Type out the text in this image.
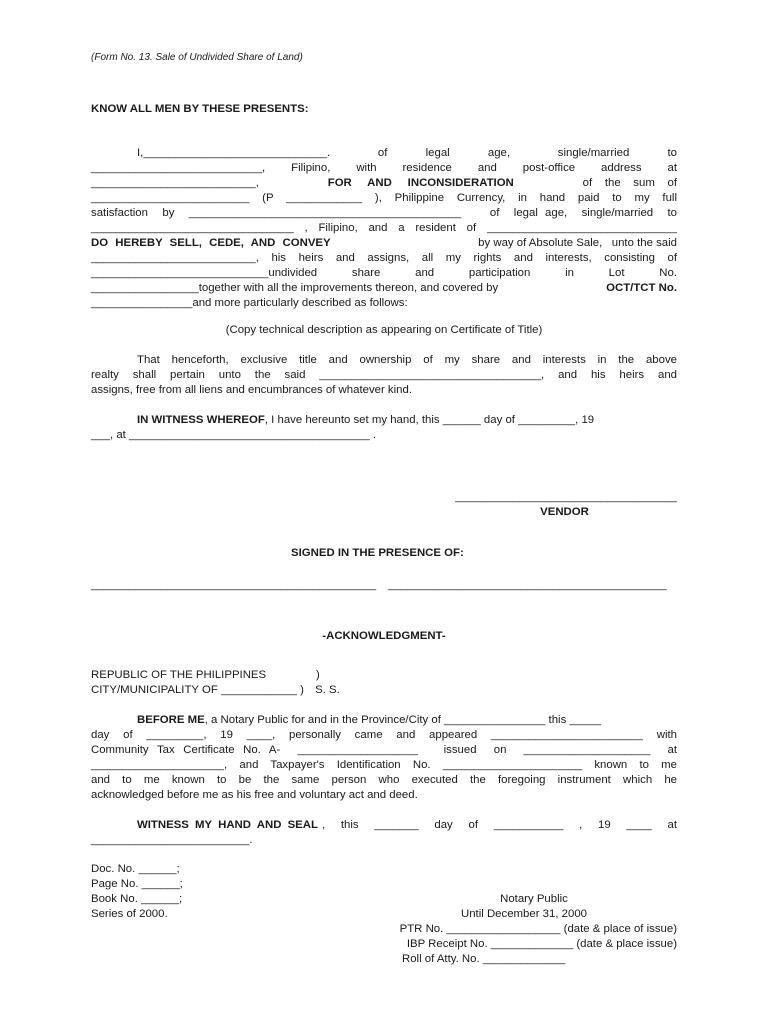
(Form No. 13. Sale of Undivided Share of Land)
KNOW ALL MEN BY THESE PRESENTS:
I,_____________________________.          of        legal        age,          single/married        to
___________________________,    Filipino,    with    residence    and    post-office    address    at
__________________________,	FOR     AND     INCONSIDERATION	of    the    sum    of
_________________________ (P ____________ ), Philippine Currency, in hand paid to my full
satisfaction  by  ___________________________________________    of  legal age,  single/married  to
________________________________ , Filipino, and a resident of ______________________________
DO HEREBY SELL, CEDE, AND CONVEY	by way of Absolute Sale,   unto the said
__________________________, his heirs and assigns, all my rights and interests, consisting of
____________________________undivided      share      and      participation      in      Lot      No.
_________________together with all the improvements thereon, and covered by	OCT/TCT No.
________________and more particularly described as follows:
(Copy technical description as appearing on Certificate of Title)
That henceforth, exclusive title and ownership of my share and interests in the above
realty shall pertain unto the said ___________________________________, and his heirs and
assigns, free from all liens and encumbrances of whatever kind.
IN WITNESS WHEREOF, I have hereunto set my hand, this ______ day of _________, 19
___, at ______________________________________ .
___________________________________
VENDOR
SIGNED IN THE PRESENCE OF:
_____________________________________________ ____________________________________________
-ACKNOWLEDGMENT-
REPUBLIC OF THE PHILIPPINES	)
CITY/MUNICIPALITY OF ____________ ) S. S.
BEFORE ME, a Notary Public for and in the Province/City of ________________ this _____
day  of  _________,  19  ____,  personally  came  and  appeared  ________________________  with
Community Tax Certificate No. A-  ___________________   issued  on  ____________________  at
_____________________, and Taxpayer's Identification No. ______________________ known to me
and to me known to be the same person who executed the foregoing instrument which he
acknowledged before me as his free and voluntary act and deed.
WITNESS MY HAND AND SEAL , this _______ day of ___________ , 19 ____ at
_________________________.
Doc. No. ______;
Page No. ______;
Book No. ______;
Series of 2000.
Notary Public
Until December 31, 2000
PTR No. __________________ (date & place of issue)
IBP Receipt No. _____________ (date & place issue)
Roll of Atty. No. _____________
